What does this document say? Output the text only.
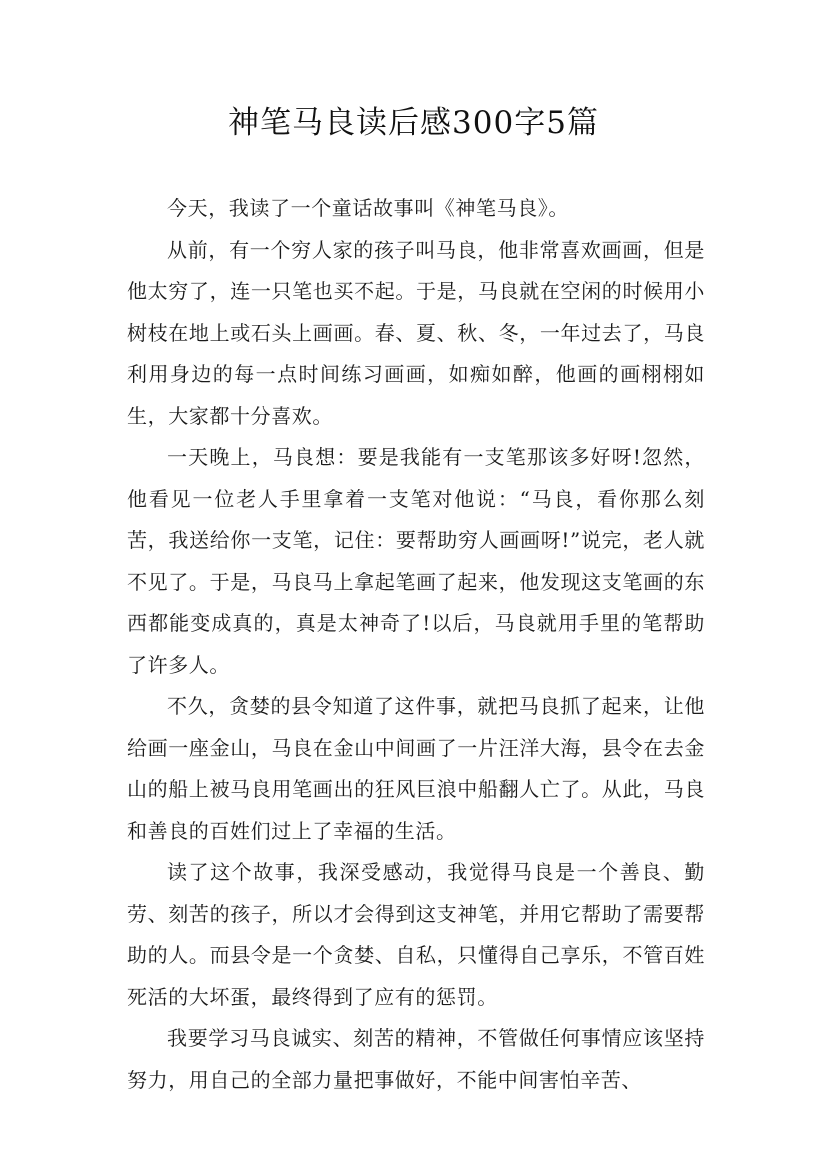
神笔马良读后感300字5篇

今天，我读了一个童话故事叫《神笔马良》。

从前，有一个穷人家的孩子叫马良，他非常喜欢画画，但是他太穷了，连一只笔也买不起。于是，马良就在空闲的时候用小树枝在地上或石头上画画。春、夏、秋、冬，一年过去了，马良利用身边的每一点时间练习画画，如痴如醉，他画的画栩栩如生，大家都十分喜欢。

一天晚上，马良想：要是我能有一支笔那该多好呀!忽然，他看见一位老人手里拿着一支笔对他说：“马良，看你那么刻苦，我送给你一支笔，记住：要帮助穷人画画呀!”说完，老人就不见了。于是，马良马上拿起笔画了起来，他发现这支笔画的东西都能变成真的，真是太神奇了!以后，马良就用手里的笔帮助了许多人。

不久，贪婪的县令知道了这件事，就把马良抓了起来，让他给画一座金山，马良在金山中间画了一片汪洋大海，县令在去金山的船上被马良用笔画出的狂风巨浪中船翻人亡了。从此，马良和善良的百姓们过上了幸福的生活。

读了这个故事，我深受感动，我觉得马良是一个善良、勤劳、刻苦的孩子，所以才会得到这支神笔，并用它帮助了需要帮助的人。而县令是一个贪婪、自私，只懂得自己享乐，不管百姓死活的大坏蛋，最终得到了应有的惩罚。

我要学习马良诚实、刻苦的精神，不管做任何事情应该坚持努力，用自己的全部力量把事做好，不能中间害怕辛苦、
